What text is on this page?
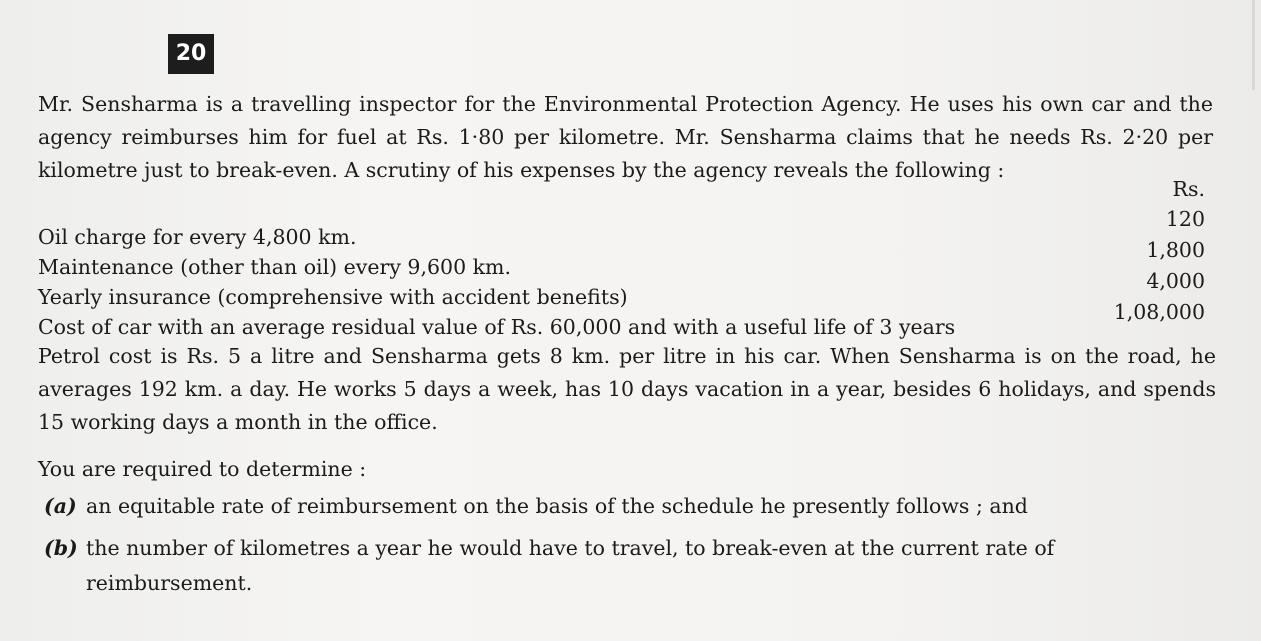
20

Mr. Sensharma is a travelling inspector for the Environmental Protection Agency. He uses his own car and the agency reimburses him for fuel at Rs. 1·80 per kilometre. Mr. Sensharma claims that he needs Rs. 2·20 per kilometre just to break-even. A scrutiny of his expenses by the agency reveals the following :

Rs.
Oil charge for every 4,800 km.
120
Maintenance (other than oil) every 9,600 km.
1,800
Yearly insurance (comprehensive with accident benefits)
4,000
Cost of car with an average residual value of Rs. 60,000 and with a useful life of 3 years
1,08,000

Petrol cost is Rs. 5 a litre and Sensharma gets 8 km. per litre in his car. When Sensharma is on the road, he averages 192 km. a day. He works 5 days a week, has 10 days vacation in a year, besides 6 holidays, and spends 15 working days a month in the office.

You are required to determine :
(a) an equitable rate of reimbursement on the basis of the schedule he presently follows ; and
(b) the number of kilometres a year he would have to travel, to break-even at the current rate of reimbursement.
